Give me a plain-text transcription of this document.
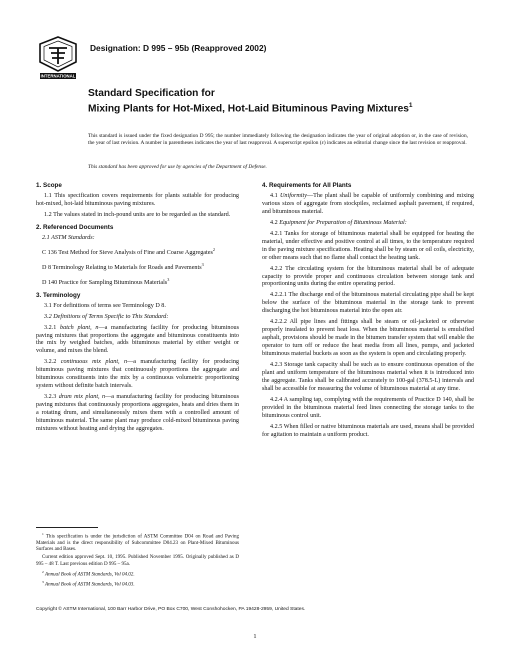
INTERNATIONAL
Designation: D 995 – 95b (Reapproved 2002)
Standard Specification for
Mixing Plants for Hot-Mixed, Hot-Laid Bituminous Paving Mixtures$^1$
This standard is issued under the fixed designation D 995; the number immediately following the designation indicates the year of original adoption or, in the case of revision, the year of last revision. A number in parentheses indicates the year of last reapproval. A superscript epsilon (ε) indicates an editorial change since the last revision or reapproval.
This standard has been approved for use by agencies of the Department of Defense.
1. Scope

1.1 This specification covers requirements for plants suitable for producing hot-mixed, hot-laid bituminous paving mixtures.

1.2 The values stated in inch-pound units are to be regarded as the standard.

2. Referenced Documents

2.1 ASTM Standards:

C 136 Test Method for Sieve Analysis of Fine and Coarse Aggregates$^2$

D 8 Terminology Relating to Materials for Roads and Pavements$^3$

D 140 Practice for Sampling Bituminous Materials$^3$

3. Terminology

3.1 For definitions of terms see Terminology D 8.

3.2 Definitions of Terms Specific to This Standard:

3.2.1 batch plant, n—a manufacturing facility for producing bituminous paving mixtures that proportions the aggregate and bituminous constituents into the mix by weighed batches, adds bituminous material by either weight or volume, and mixes the blend.

3.2.2 continuous mix plant, n—a manufacturing facility for producing bituminous paving mixtures that continuously proportions the aggregate and bituminous constituents into the mix by a continuous volumetric proportioning system without definite batch intervals.

3.2.3 drum mix plant, n—a manufacturing facility for producing bituminous paving mixtures that continuously proportions aggregates, heats and dries them in a rotating drum, and simultaneously mixes them with a controlled amount of bituminous material. The same plant may produce cold-mixed bituminous paving mixtures without heating and drying the aggregates.

4. Requirements for All Plants

4.1 Uniformity—The plant shall be capable of uniformly combining and mixing various sizes of aggregate from stockpiles, reclaimed asphalt pavement, if required, and bituminous material.

4.2 Equipment for Preparation of Bituminous Material:

4.2.1 Tanks for storage of bituminous material shall be equipped for heating the material, under effective and positive control at all times, to the temperature required in the paving mixture specifications. Heating shall be by steam or oil coils, electricity, or other means such that no flame shall contact the heating tank.

4.2.2 The circulating system for the bituminous material shall be of adequate capacity to provide proper and continuous circulation between storage tank and proportioning units during the entire operating period.

4.2.2.1 The discharge end of the bituminous material circulating pipe shall be kept below the surface of the bituminous material in the storage tank to prevent discharging the hot bituminous material into the open air.

4.2.2.2 All pipe lines and fittings shall be steam or oil-jacketed or otherwise properly insulated to prevent heat loss. When the bituminous material is emulsified asphalt, provisions should be made in the bitumen transfer system that will enable the operator to turn off or reduce the heat media from all lines, pumps, and jacketed bituminous material buckets as soon as the system is open and circulating properly.

4.2.3 Storage tank capacity shall be such as to ensure continuous operation of the plant and uniform temperature of the bituminous material when it is introduced into the aggregate. Tanks shall be calibrated accurately to 100-gal (378.5-L) intervals and shall be accessible for measuring the volume of bituminous material at any time.

4.2.4 A sampling tap, complying with the requirements of Practice D 140, shall be provided in the bituminous material feed lines connecting the storage tanks to the bituminous control unit.

4.2.5 When filled or native bituminous materials are used, means shall be provided for agitation to maintain a uniform product.

$^1$ This specification is under the jurisdiction of ASTM Committee D04 on Road and Paving Materials and is the direct responsibility of Subcommittee D04.23 on Plant-Mixed Bituminous Surfaces and Bases.

Current edition approved Sept. 10, 1995. Published November 1995. Originally published as D 995 – 48 T. Last previous edition D 995 – 95a.

$^2$ Annual Book of ASTM Standards, Vol 04.02.

$^3$ Annual Book of ASTM Standards, Vol 04.03.

Copyright © ASTM International, 100 Barr Harbor Drive, PO Box C700, West Conshohocken, PA 19428-2959, United States.
1
